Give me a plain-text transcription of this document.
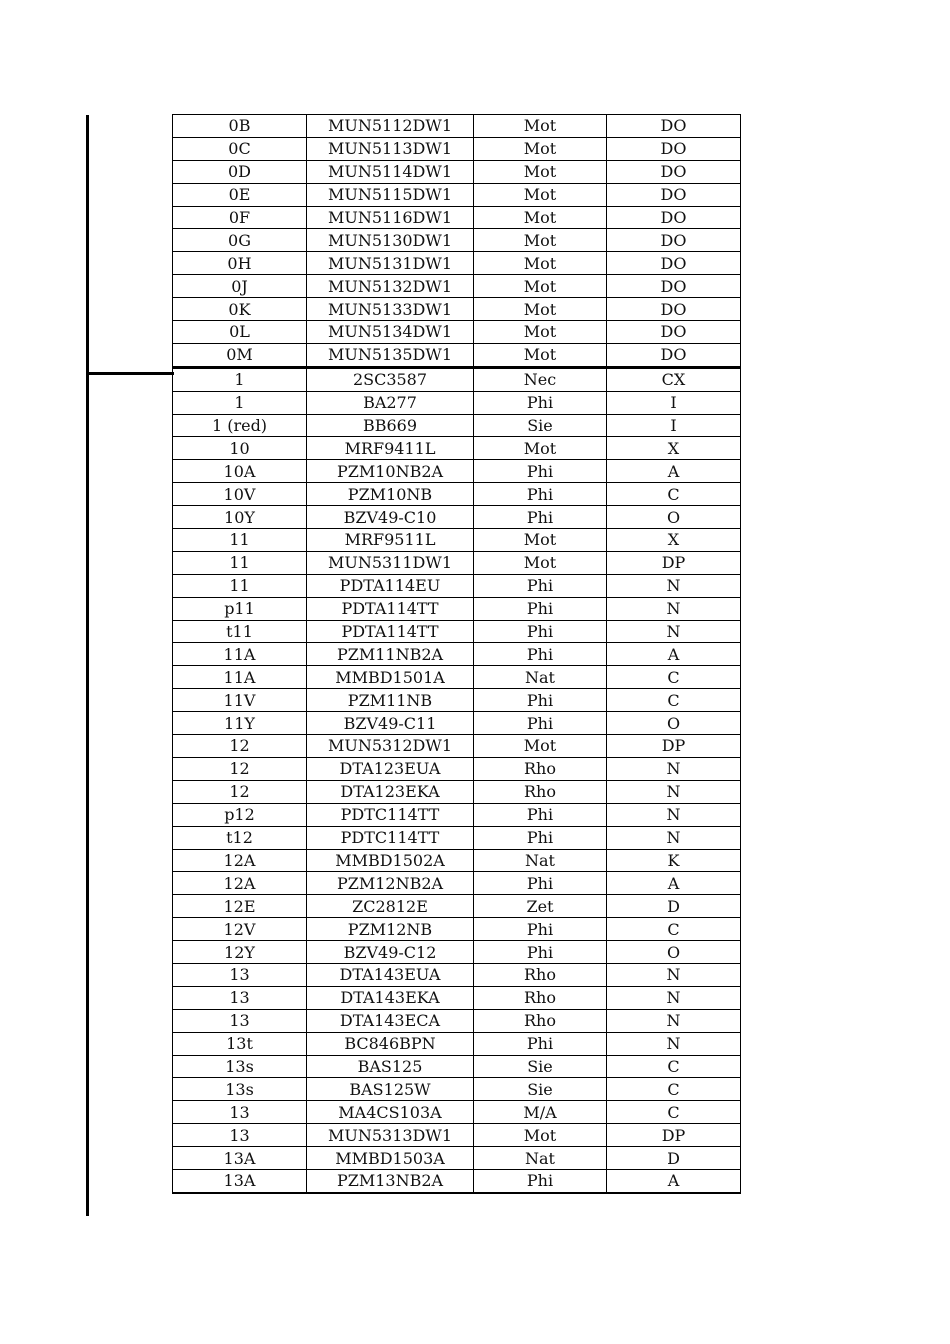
0B	MUN5112DW1	Mot	DO
0C	MUN5113DW1	Mot	DO
0D	MUN5114DW1	Mot	DO
0E	MUN5115DW1	Mot	DO
0F	MUN5116DW1	Mot	DO
0G	MUN5130DW1	Mot	DO
0H	MUN5131DW1	Mot	DO
0J	MUN5132DW1	Mot	DO
0K	MUN5133DW1	Mot	DO
0L	MUN5134DW1	Mot	DO
0M	MUN5135DW1	Mot	DO
1	2SC3587	Nec	CX
1	BA277	Phi	I
1 (red)	BB669	Sie	I
10	MRF9411L	Mot	X
10A	PZM10NB2A	Phi	A
10V	PZM10NB	Phi	C
10Y	BZV49-C10	Phi	O
11	MRF9511L	Mot	X
11	MUN5311DW1	Mot	DP
11	PDTA114EU	Phi	N
p11	PDTA114TT	Phi	N
t11	PDTA114TT	Phi	N
11A	PZM11NB2A	Phi	A
11A	MMBD1501A	Nat	C
11V	PZM11NB	Phi	C
11Y	BZV49-C11	Phi	O
12	MUN5312DW1	Mot	DP
12	DTA123EUA	Rho	N
12	DTA123EKA	Rho	N
p12	PDTC114TT	Phi	N
t12	PDTC114TT	Phi	N
12A	MMBD1502A	Nat	K
12A	PZM12NB2A	Phi	A
12E	ZC2812E	Zet	D
12V	PZM12NB	Phi	C
12Y	BZV49-C12	Phi	O
13	DTA143EUA	Rho	N
13	DTA143EKA	Rho	N
13	DTA143ECA	Rho	N
13t	BC846BPN	Phi	N
13s	BAS125	Sie	C
13s	BAS125W	Sie	C
13	MA4CS103A	M/A	C
13	MUN5313DW1	Mot	DP
13A	MMBD1503A	Nat	D
13A	PZM13NB2A	Phi	A
